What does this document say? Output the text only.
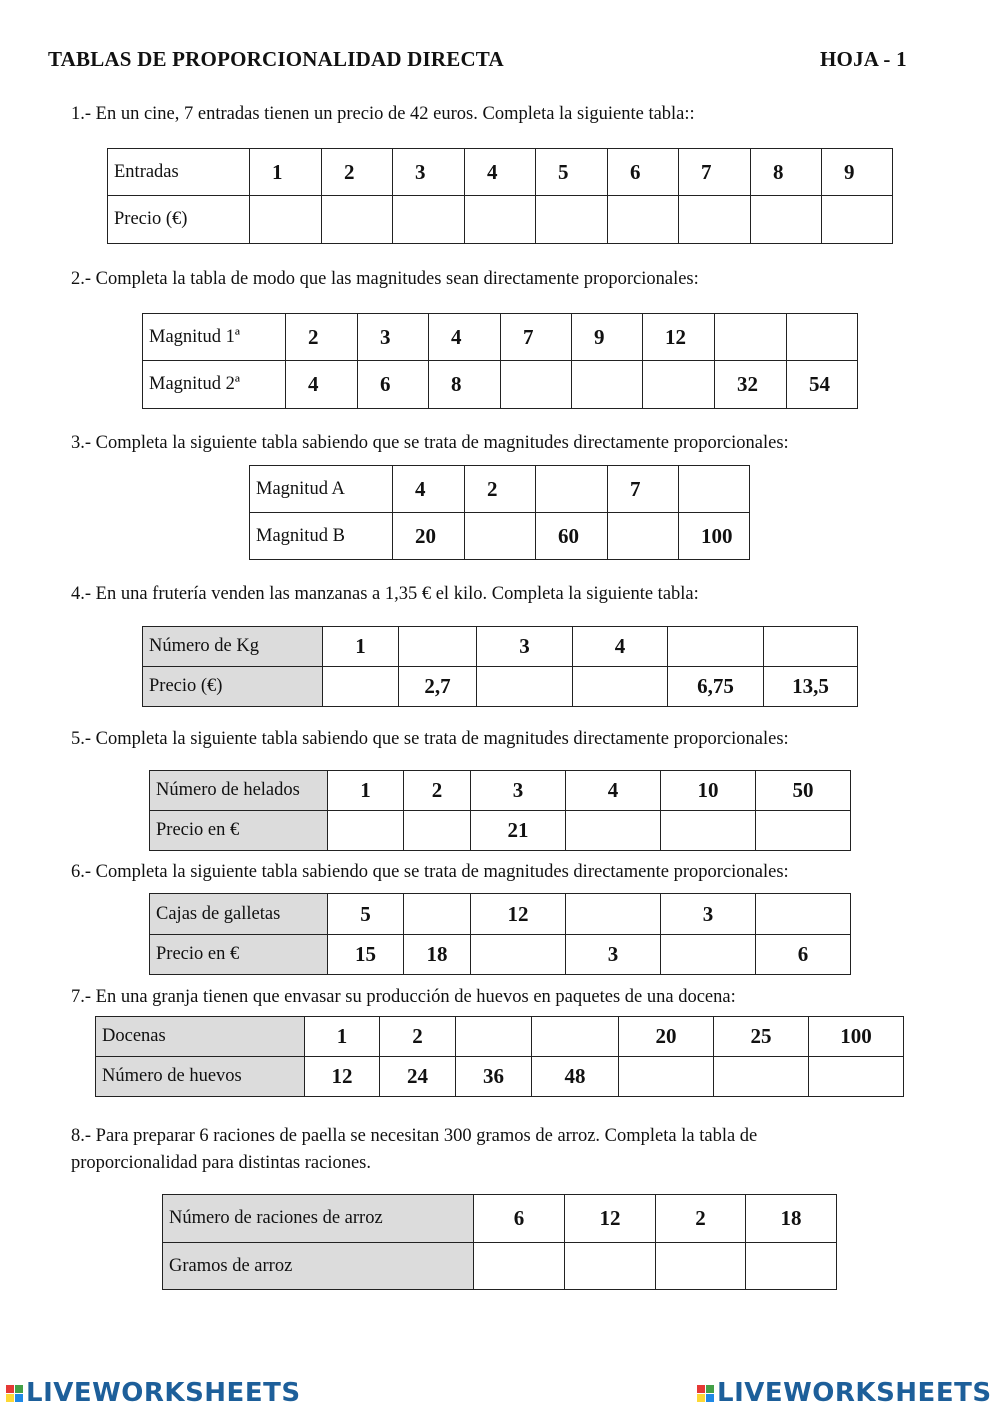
TABLAS DE PROPORCIONALIDAD DIRECTA	HOJA - 1
1.- En un cine, 7 entradas tienen un precio de 42 euros. Completa la siguiente tabla::
Entradas	1	2	3	4	5	6	7	8	9
Precio (€)									
2.- Completa la tabla de modo que las magnitudes sean directamente proporcionales:
Magnitud 1ª	2	3	4	7	9	12		
Magnitud 2ª	4	6	8				32	54
3.- Completa la siguiente tabla sabiendo que se trata de magnitudes directamente proporcionales:
Magnitud A	4	2		7	
Magnitud B	20		60		100
4.- En una frutería venden las manzanas a 1,35 € el kilo. Completa la siguiente tabla:
Número de Kg	1		3	4		
Precio (€)		2,7			6,75	13,5
5.- Completa la siguiente tabla sabiendo que se trata de magnitudes directamente proporcionales:
Número de helados	1	2	3	4	10	50
Precio en €			21			
6.- Completa la siguiente tabla sabiendo que se trata de magnitudes directamente proporcionales:
Cajas de galletas	5		12		3	
Precio en €	15	18		3		6
7.- En una granja tienen que envasar su producción de huevos en paquetes de una docena:
Docenas	1	2			20	25	100
Número de huevos	12	24	36	48			
8.- Para preparar 6 raciones de paella se necesitan 300 gramos de arroz. Completa la tabla de proporcionalidad para distintas raciones.
Número de raciones de arroz	6	12	2	18
Gramos de arroz				
LIVEWORKSHEETS	LIVEWORKSHEETS
